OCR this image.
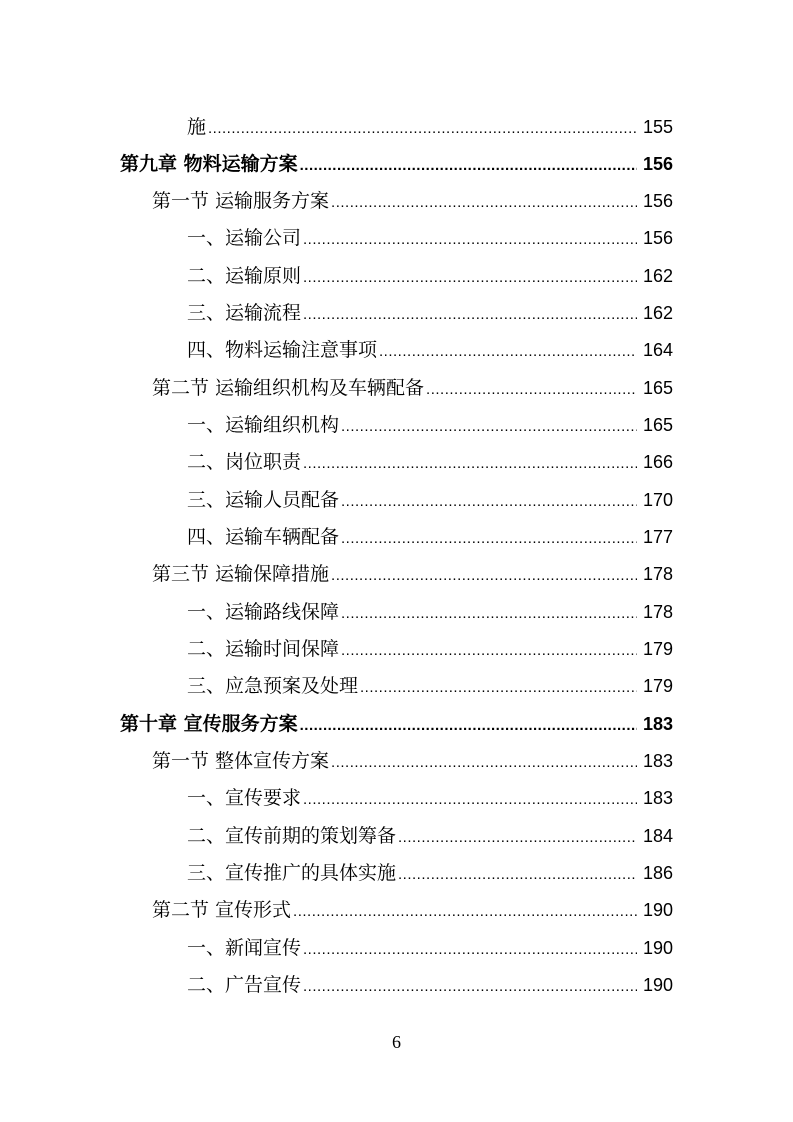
施 .....	155
第九章 物料运输方案 .....	156
第一节 运输服务方案 .....	156
一、运输公司 .....	156
二、运输原则 .....	162
三、运输流程 .....	162
四、物料运输注意事项 .....	164
第二节 运输组织机构及车辆配备 .....	165
一、运输组织机构 .....	165
二、岗位职责 .....	166
三、运输人员配备 .....	170
四、运输车辆配备 .....	177
第三节 运输保障措施 .....	178
一、运输路线保障 .....	178
二、运输时间保障 .....	179
三、应急预案及处理 .....	179
第十章 宣传服务方案 .....	183
第一节 整体宣传方案 .....	183
一、宣传要求 .....	183
二、宣传前期的策划筹备 .....	184
三、宣传推广的具体实施 .....	186
第二节 宣传形式 .....	190
一、新闻宣传 .....	190
二、广告宣传 .....	190
6
